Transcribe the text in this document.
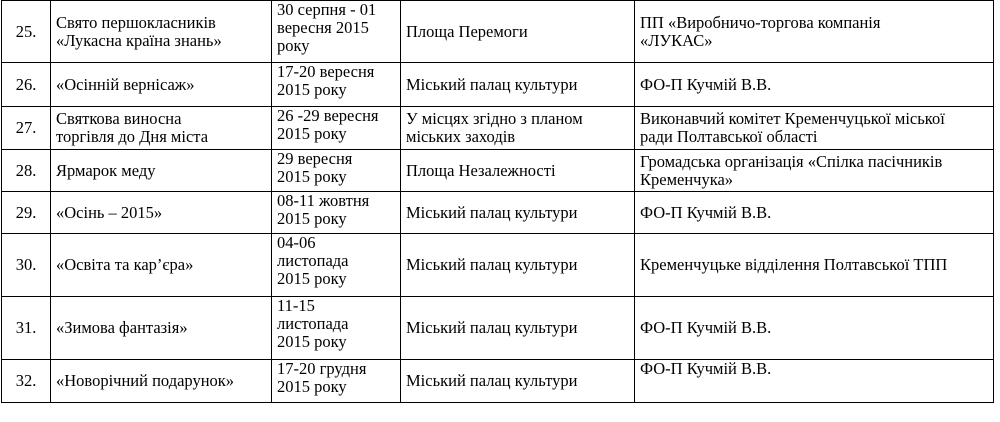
25.	Свято першокласників
«Лукасна країна знань»	30 серпня - 01
вересня 2015
року	Площа Перемоги	ПП «Виробничо-торгова компанія
«ЛУКАС»

26.	«Осінній вернісаж»	17-20 вересня
2015 року	Міський палац культури	ФО-П Кучмій В.В.

27.	Святкова виносна
торгівля до Дня міста	26 -29 вересня
2015 року	У місцях згідно з планом
міських заходів	Виконавчий комітет Кременчуцької міської
ради Полтавської області

28.	Ярмарок меду	29 вересня
2015 року	Площа Незалежності	Громадська організація «Спілка пасічників
Кременчука»

29.	«Осінь – 2015»	08-11 жовтня
2015 року	Міський палац культури	ФО-П Кучмій В.В.

30.	«Освіта та кар’єра»	04-06
листопада
2015 року	Міський палац культури	Кременчуцьке відділення Полтавської ТПП

31.	«Зимова фантазія»	11-15
листопада
2015 року	Міський палац культури	ФО-П Кучмій В.В.

32.	«Новорічний подарунок»	17-20 грудня
2015 року	Міський палац культури	ФО-П Кучмій В.В.
